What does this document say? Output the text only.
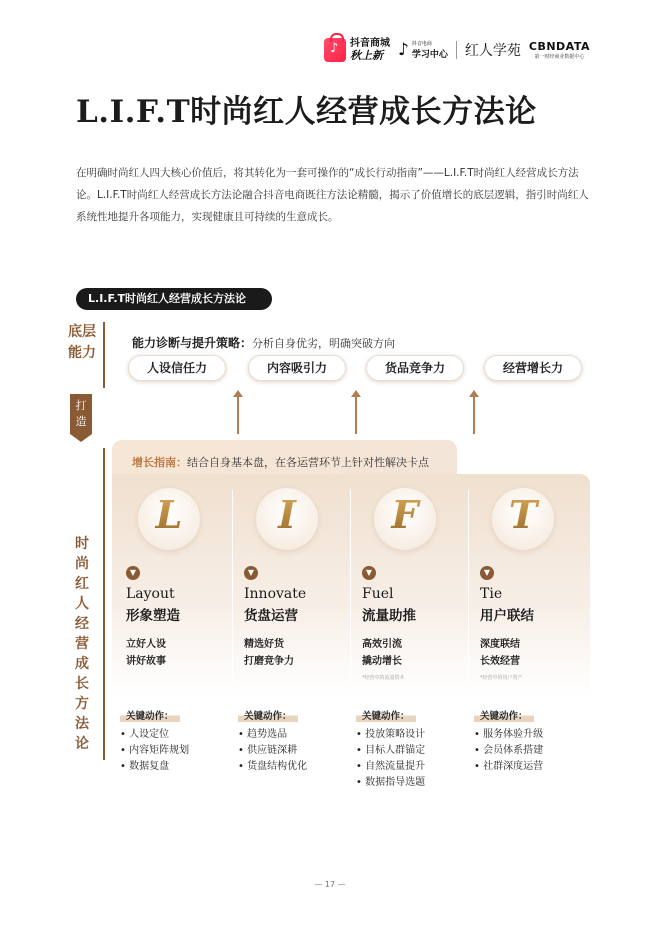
♪
抖音商城
秋上新 ♪ 抖音电商
学习中心 红人学苑 CBNDATA
第一财经商业数据中心
L.I.F.T时尚红人经营成长方法论

在明确时尚红人四大核心价值后，将其转化为一套可操作的“成长行动指南”——L.I.F.T时尚红人经营成长方法论。L.I.F.T时尚红人经营成长方法论融合抖音电商既往方法论精髓，揭示了价值增长的底层逻辑，指引时尚红人系统性地提升各项能力，实现健康且可持续的生意成长。

L.I.F.T时尚红人经营成长方法论
底层能力
打造
时尚红人经营成长方法论
能力诊断与提升策略：分析自身优劣，明确突破方向
人设信任力	内容吸引力	货品竞争力	经营增长力
增长指南：结合自身基本盘，在各运营环节上针对性解决卡点
L
▼
Layout
形象塑造
立好人设
讲好故事
I
▼
Innovate
货盘运营
精选好货
打磨竞争力
F
▼
Fuel
流量助推
高效引流
撬动增长
*经营中的流量资本
T
▼
Tie
用户联结
深度联结
长效经营
*经营中的用户资产
关键动作：
• 人设定位
• 内容矩阵规划
• 数据复盘
关键动作：
• 趋势选品
• 供应链深耕
• 货盘结构优化
关键动作：
• 投放策略设计
• 目标人群锚定
• 自然流量提升
• 数据指导选题
关键动作：
• 服务体验升级
• 会员体系搭建
• 社群深度运营
— 17 —
